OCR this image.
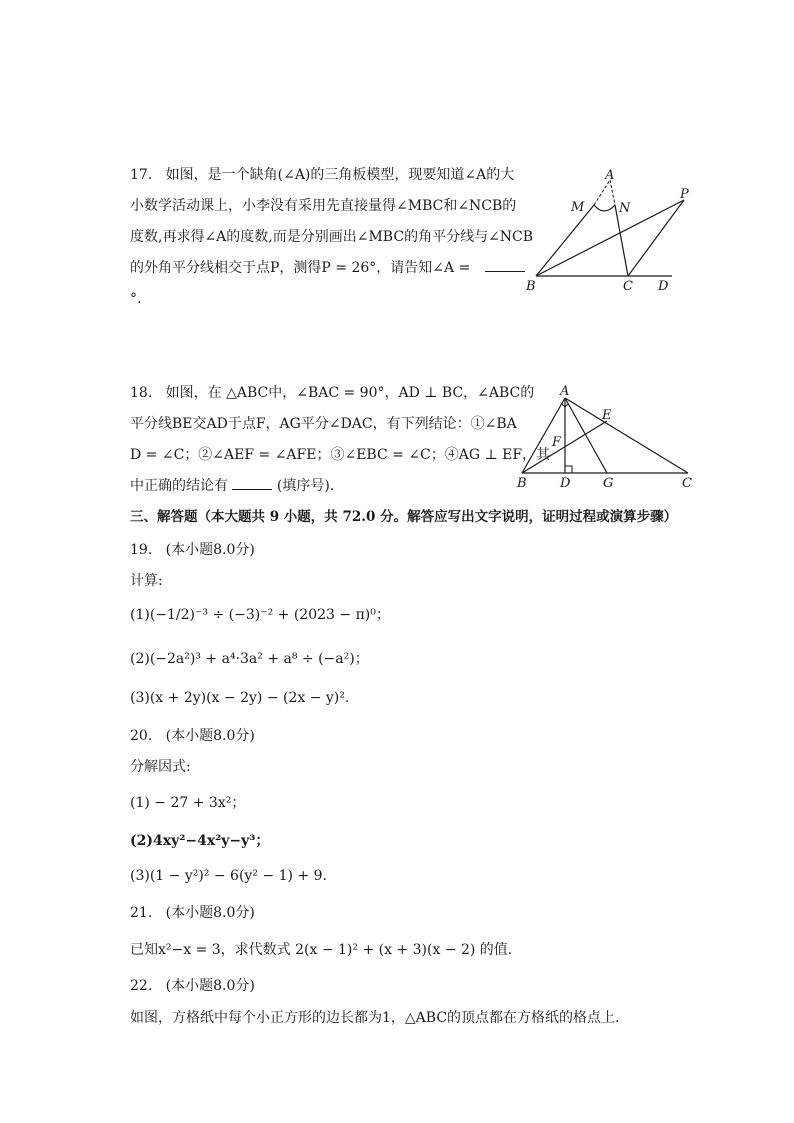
17. 如图，是一个缺角(∠A)的三角板模型，现要知道∠A的大
小数学活动课上，小李没有采用先直接量得∠MBC和∠NCB的
度数,再求得∠A的度数,而是分别画出∠MBC的角平分线与∠NCB
的外角平分线相交于点P，测得P = 26°，请告知∠A =
°.
A
M	N
P
B	C D
18. 如图，在 △ABC中，∠BAC = 90°，AD ⊥ BC，∠ABC的
平分线BE交AD于点F，AG平分∠DAC，有下列结论：①∠BA
D = ∠C；②∠AEF = ∠AFE；③∠EBC = ∠C；④AG ⊥ EF，其
中正确的结论有	(填序号).
A
E
F
B	D	G	C
三、解答题（本大题共 9 小题，共 72.0 分。解答应写出文字说明，证明过程或演算步骤）
19. (本小题8.0分)
计算:
(1)(−1/2)⁻³ ÷ (−3)⁻² + (2023 − π)⁰；
(2)(−2a²)³ + a⁴·3a² + a⁸ ÷ (−a²)；
(3)(x + 2y)(x − 2y) − (2x − y)².
20. (本小题8.0分)
分解因式:
(1) − 27 + 3x²；
(2)4xy²−4x²y−y³；
(3)(1 − y²)² − 6(y² − 1) + 9.
21. (本小题8.0分)
已知x²−x = 3，求代数式 2(x − 1)² + (x + 3)(x − 2) 的值.
22. (本小题8.0分)
如图，方格纸中每个小正方形的边长都为1，△ABC的顶点都在方格纸的格点上.
